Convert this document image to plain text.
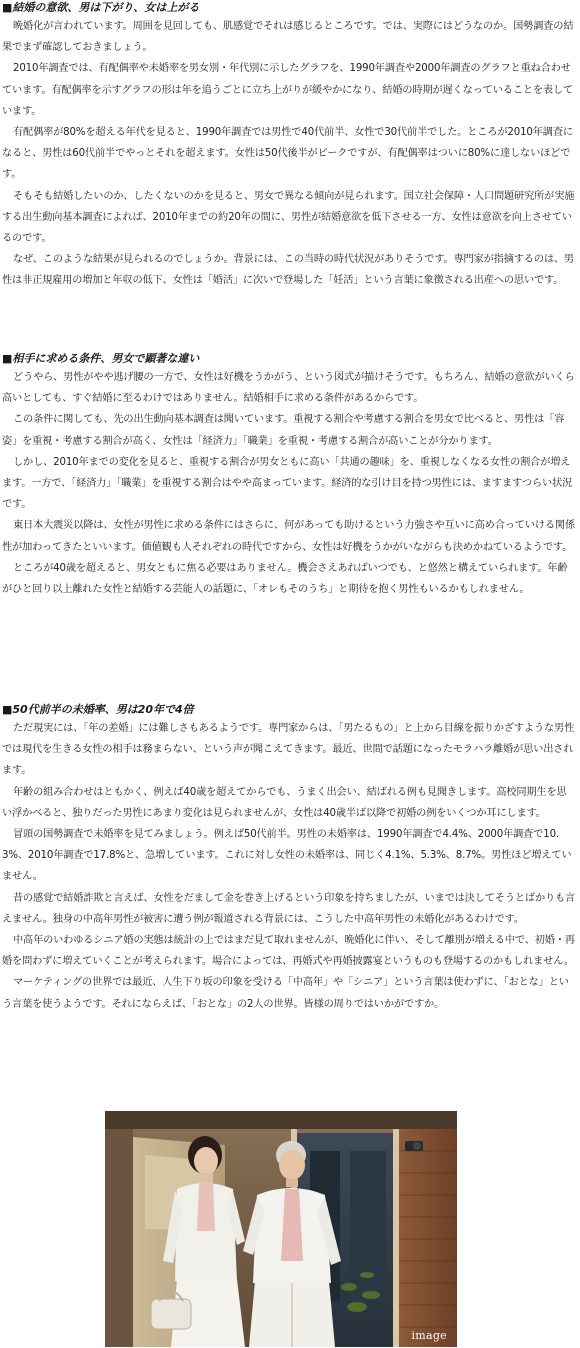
■結婚の意欲、男は下がり、女は上がる

晩婚化が言われています。周囲を見回しても、肌感覚でそれは感じるところです。では、実際にはどうなのか。国勢調査の結果でまず確認しておきましょう。

2010年調査では、有配偶率や未婚率を男女別・年代別に示したグラフを、1990年調査や2000年調査のグラフと重ね合わせています。有配偶率を示すグラフの形は年を追うごとに立ち上がりが緩やかになり、結婚の時期が遅くなっていることを表しています。

有配偶率が80%を超える年代を見ると、1990年調査では男性で40代前半、女性で30代前半でした。ところが2010年調査になると、男性は60代前半でやっとそれを超えます。女性は50代後半がピークですが、有配偶率はついに80%に達しないほどです。

そもそも結婚したいのか、したくないのかを見ると、男女で異なる傾向が見られます。国立社会保障・人口問題研究所が実施する出生動向基本調査によれば、2010年までの約20年の間に、男性が結婚意欲を低下させる一方、女性は意欲を向上させているのです。

なぜ、このような結果が見られるのでしょうか。背景には、この当時の時代状況がありそうです。専門家が指摘するのは、男性は非正規雇用の増加と年収の低下、女性は「婚活」に次いで登場した「妊活」という言葉に象徴される出産への思いです。

■相手に求める条件、男女で顕著な違い

どうやら、男性がやや逃げ腰の一方で、女性は好機をうかがう、という図式が描けそうです。もちろん、結婚の意欲がいくら高いとしても、すぐ結婚に至るわけではありません。結婚相手に求める条件があるからです。

この条件に関しても、先の出生動向基本調査は聞いています。重視する割合や考慮する割合を男女で比べると、男性は「容姿」を重視・考慮する割合が高く、女性は「経済力」「職業」を重視・考慮する割合が高いことが分かります。

しかし、2010年までの変化を見ると、重視する割合が男女ともに高い「共通の趣味」を、重視しなくなる女性の割合が増えます。一方で、「経済力」「職業」を重視する割合はやや高まっています。経済的な引け目を持つ男性には、ますますつらい状況です。

東日本大震災以降は、女性が男性に求める条件にはさらに、何があっても助けるという力強さや互いに高め合っていける関係性が加わってきたといいます。価値観も人それぞれの時代ですから、女性は好機をうかがいながらも決めかねているようです。

ところが40歳を超えると、男女ともに焦る必要はありません。機会さえあればいつでも、と悠然と構えていられます。年齢がひと回り以上離れた女性と結婚する芸能人の話題に、「オレもそのうち」と期待を抱く男性もいるかもしれません。

■50代前半の未婚率、男は20年で4倍

ただ現実には、「年の差婚」には難しさもあるようです。専門家からは、「男たるもの」と上から目線を振りかざすような男性では現代を生きる女性の相手は務まらない、という声が聞こえてきます。最近、世間で話題になったモラハラ離婚が思い出されます。

年齢の組み合わせはともかく、例えば40歳を超えてからでも、うまく出会い、結ばれる例も見聞きします。高校同期生を思い浮かべると、独りだった男性にあまり変化は見られませんが、女性は40歳半ば以降で初婚の例をいくつか耳にします。

冒頭の国勢調査で未婚率を見てみましょう。例えば50代前半。男性の未婚率は、1990年調査で4.4%、2000年調査で10.3%、2010年調査で17.8%と、急増しています。これに対し女性の未婚率は、同じく4.1%、5.3%、8.7%。男性ほど増えていません。

昔の感覚で結婚詐欺と言えば、女性をだまして金を巻き上げるという印象を持ちましたが、いまでは決してそうとばかりも言えません。独身の中高年男性が被害に遭う例が報道される背景には、こうした中高年男性の未婚化があるわけです。

中高年のいわゆるシニア婚の実態は統計の上ではまだ見て取れませんが、晩婚化に伴い、そして離別が増える中で、初婚・再婚を問わずに増えていくことが考えられます。場合によっては、再婚式や再婚披露宴というものも登場するのかもしれません。

マーケティングの世界では最近、人生下り坂の印象を受ける「中高年」や「シニア」という言葉は使わずに、「おとな」という言葉を使うようです。それにならえば、「おとな」の2人の世界。皆様の周りではいかがですか。

image
